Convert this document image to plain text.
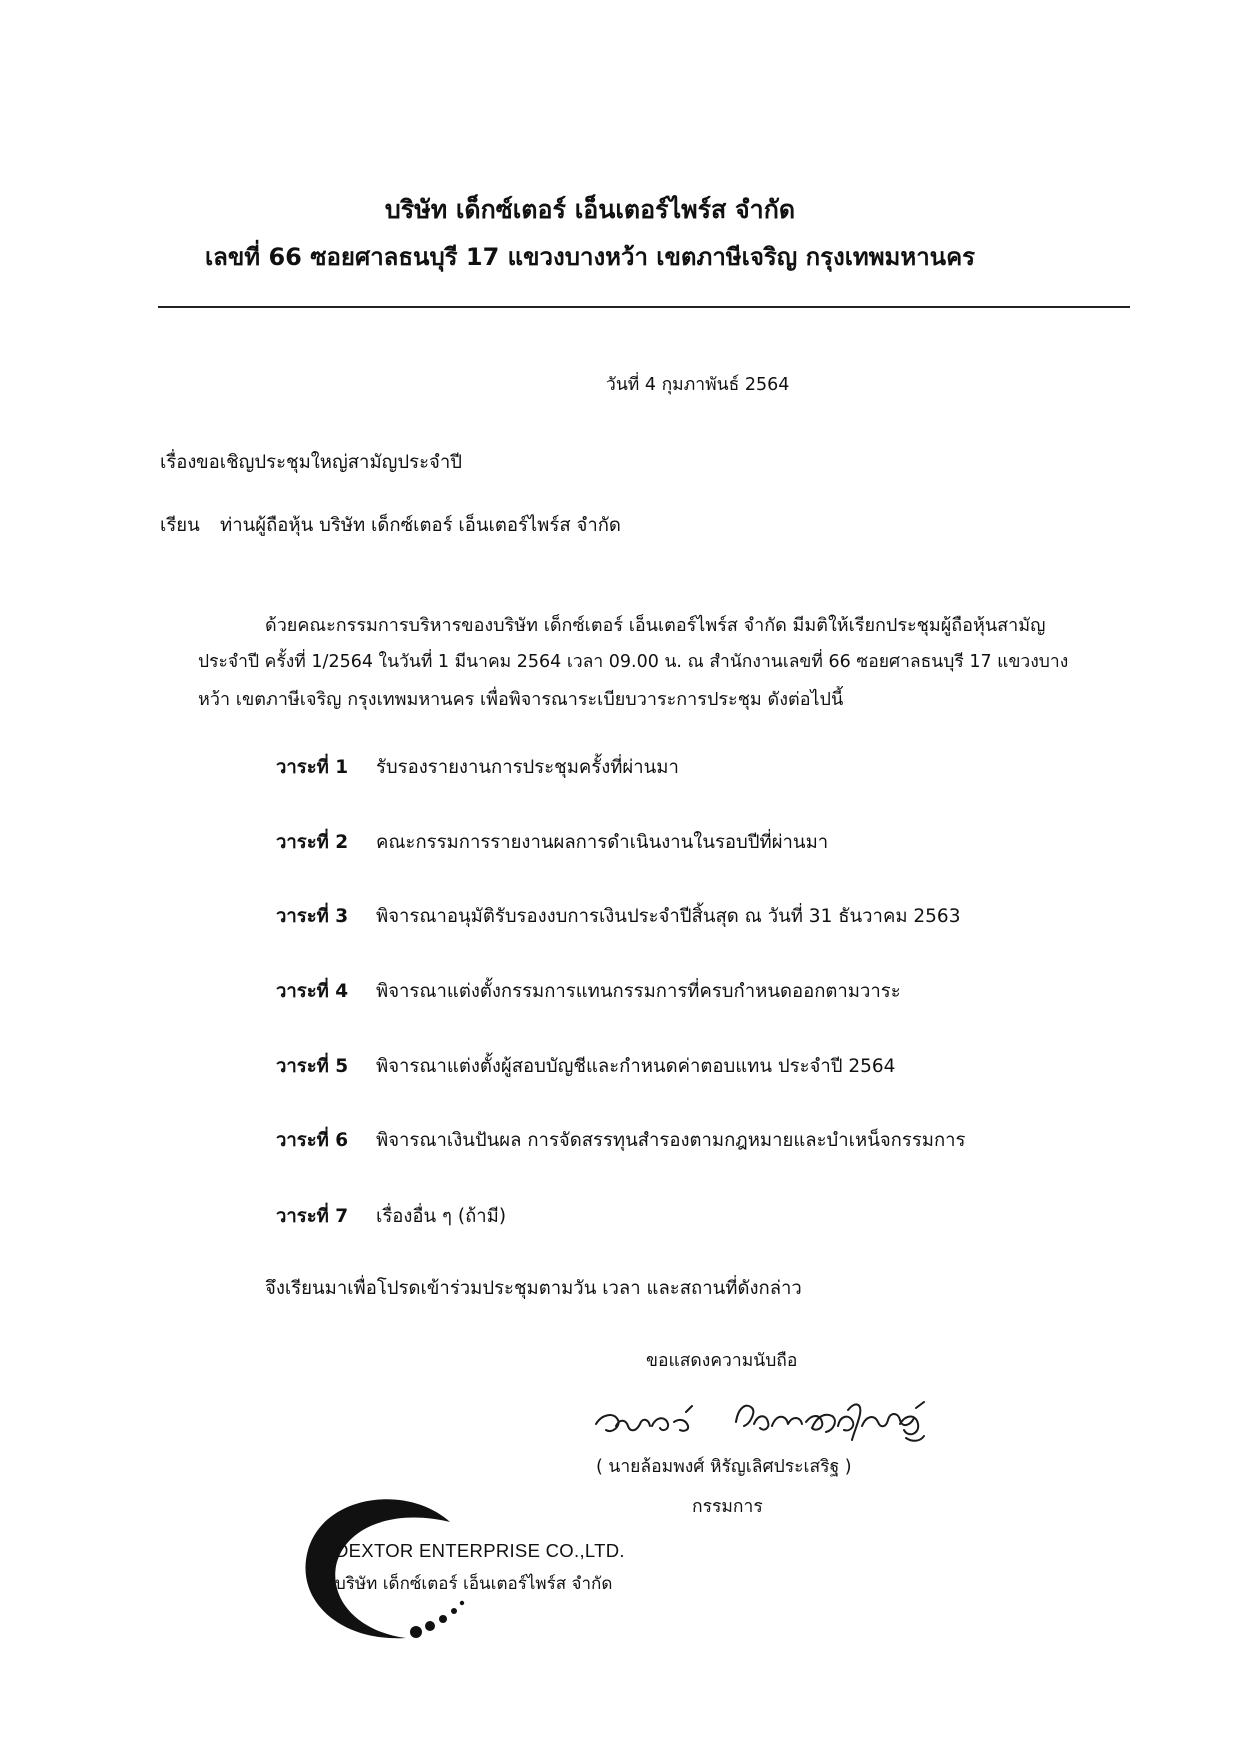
บริษัท เด็กซ์เตอร์ เอ็นเตอร์ไพร์ส จำกัด
เลขที่ 66 ซอยศาลธนบุรี 17 แขวงบางหว้า เขตภาษีเจริญ กรุงเทพมหานคร
วันที่ 4 กุมภาพันธ์ 2564
เรื่อง ขอเชิญประชุมใหญ่สามัญประจำปี
เรียน ท่านผู้ถือหุ้น บริษัท เด็กซ์เตอร์ เอ็นเตอร์ไพร์ส จำกัด
ด้วยคณะกรรมการบริหารของบริษัท เด็กซ์เตอร์ เอ็นเตอร์ไพร์ส จำกัด มีมติให้เรียกประชุมผู้ถือหุ้นสามัญ
ประจำปี ครั้งที่ 1/2564 ในวันที่ 1 มีนาคม 2564 เวลา 09.00 น. ณ สำนักงานเลขที่ 66 ซอยศาลธนบุรี 17 แขวงบาง
หว้า เขตภาษีเจริญ กรุงเทพมหานคร เพื่อพิจารณาระเบียบวาระการประชุม ดังต่อไปนี้
วาระที่ 1 รับรองรายงานการประชุมครั้งที่ผ่านมา
วาระที่ 2 คณะกรรมการรายงานผลการดำเนินงานในรอบปีที่ผ่านมา
วาระที่ 3 พิจารณาอนุมัติรับรองงบการเงินประจำปีสิ้นสุด ณ วันที่ 31 ธันวาคม 2563
วาระที่ 4 พิจารณาแต่งตั้งกรรมการแทนกรรมการที่ครบกำหนดออกตามวาระ
วาระที่ 5 พิจารณาแต่งตั้งผู้สอบบัญชีและกำหนดค่าตอบแทน ประจำปี 2564
วาระที่ 6 พิจารณาเงินปันผล การจัดสรรทุนสำรองตามกฎหมายและบำเหน็จกรรมการ
วาระที่ 7 เรื่องอื่น ๆ (ถ้ามี)
จึงเรียนมาเพื่อโปรดเข้าร่วมประชุมตามวัน เวลา และสถานที่ดังกล่าว
ขอแสดงความนับถือ
( นายล้อมพงศ์ หิรัญเลิศประเสริฐ )
กรรมการ
DEXTOR ENTERPRISE CO.,LTD.
บริษัท เด็กซ์เตอร์ เอ็นเตอร์ไพร์ส จำกัด
